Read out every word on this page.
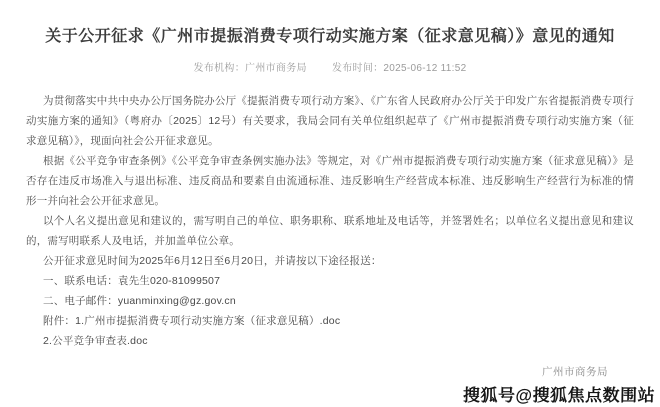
关于公开征求《广州市提振消费专项行动实施方案（征求意见稿）》意见的通知
发布机构：广州市商务局	发布时间：2025-06-12 11:52

为贯彻落实中共中央办公厅国务院办公厅《提振消费专项行动方案》、《广东省人民政府办公厅关于印发广东省提振消费专项行动实施方案的通知》（粤府办〔2025〕12号）有关要求，我局会同有关单位组织起草了《广州市提振消费专项行动实施方案（征求意见稿）》，现面向社会公开征求意见。

根据《公平竞争审查条例》《公平竞争审查条例实施办法》等规定，对《广州市提振消费专项行动实施方案（征求意见稿）》是否存在违反市场准入与退出标准、违反商品和要素自由流通标准、违反影响生产经营成本标准、违反影响生产经营行为标准的情形一并向社会公开征求意见。

以个人名义提出意见和建议的，需写明自己的单位、职务职称、联系地址及电话等，并签署姓名；以单位名义提出意见和建议的，需写明联系人及电话，并加盖单位公章。

公开征求意见时间为2025年6月12日至6月20日，并请按以下途径报送：

一、联系电话：袁先生020-81099507

二、电子邮件：yuanminxing@gz.gov.cn

附件：1.广州市提振消费专项行动实施方案（征求意见稿）.doc

2.公平竞争审查表.doc

广州市商务局
搜狐号@搜狐焦点数围站
